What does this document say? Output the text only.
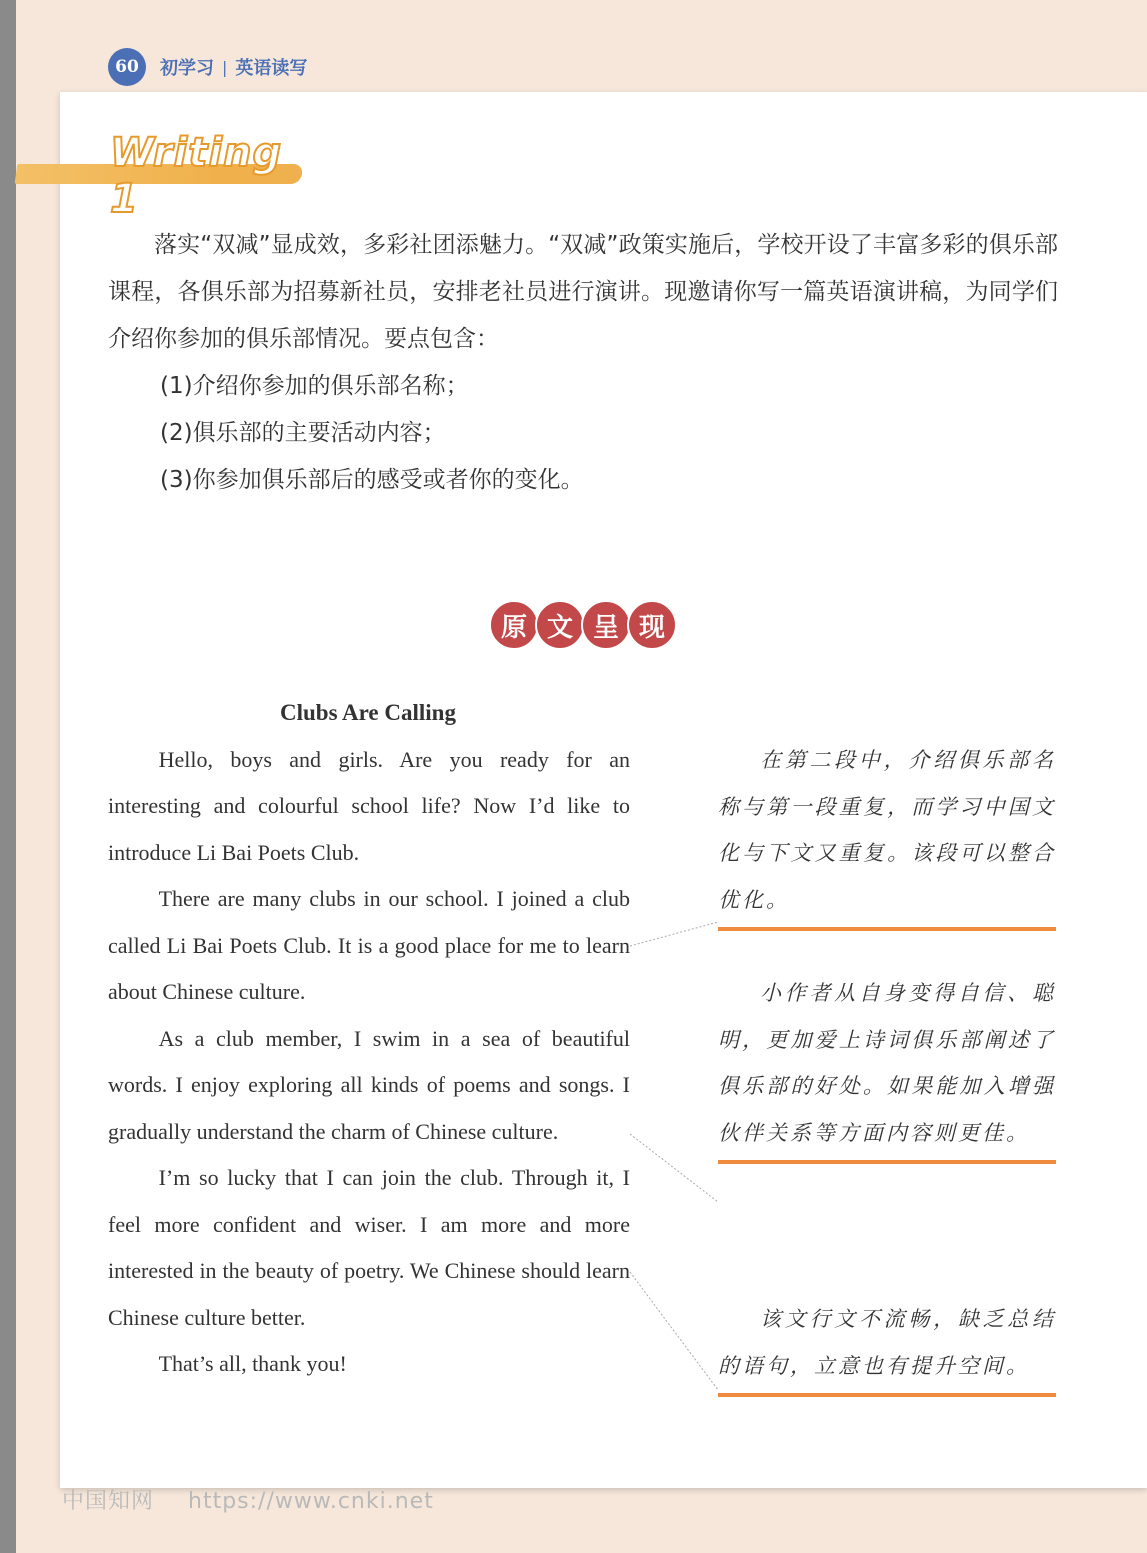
60	初学习 | 英语读写
Writing 1

落实“双减”显成效，多彩社团添魅力。“双减”政策实施后，学校开设了丰富多彩的俱乐部课程，各俱乐部为招募新社员，安排老社员进行演讲。现邀请你写一篇英语演讲稿，为同学们介绍你参加的俱乐部情况。要点包含：

(1)介绍你参加的俱乐部名称；

(2)俱乐部的主要活动内容；

(3)你参加俱乐部后的感受或者你的变化。

原 文 呈 现
Clubs Are Calling

Hello, boys and girls. Are you ready for an interesting and colourful school life? Now I’d like to introduce Li Bai Poets Club.

There are many clubs in our school. I joined a club called Li Bai Poets Club. It is a good place for me to learn about Chinese culture.

As a club member, I swim in a sea of beautiful words. I enjoy exploring all kinds of poems and songs. I gradually understand the charm of Chinese culture.

I’m so lucky that I can join the club. Through it, I feel more confident and wiser. I am more and more interested in the beauty of poetry. We Chinese should learn Chinese culture better.

That’s all, thank you!

在第二段中，介绍俱乐部名称与第一段重复，而学习中国文化与下文又重复。该段可以整合优化。
小作者从自身变得自信、聪明，更加爱上诗词俱乐部阐述了俱乐部的好处。如果能加入增强伙伴关系等方面内容则更佳。
该文行文不流畅，缺乏总结的语句，立意也有提升空间。
中国知网 https://www.cnki.net
